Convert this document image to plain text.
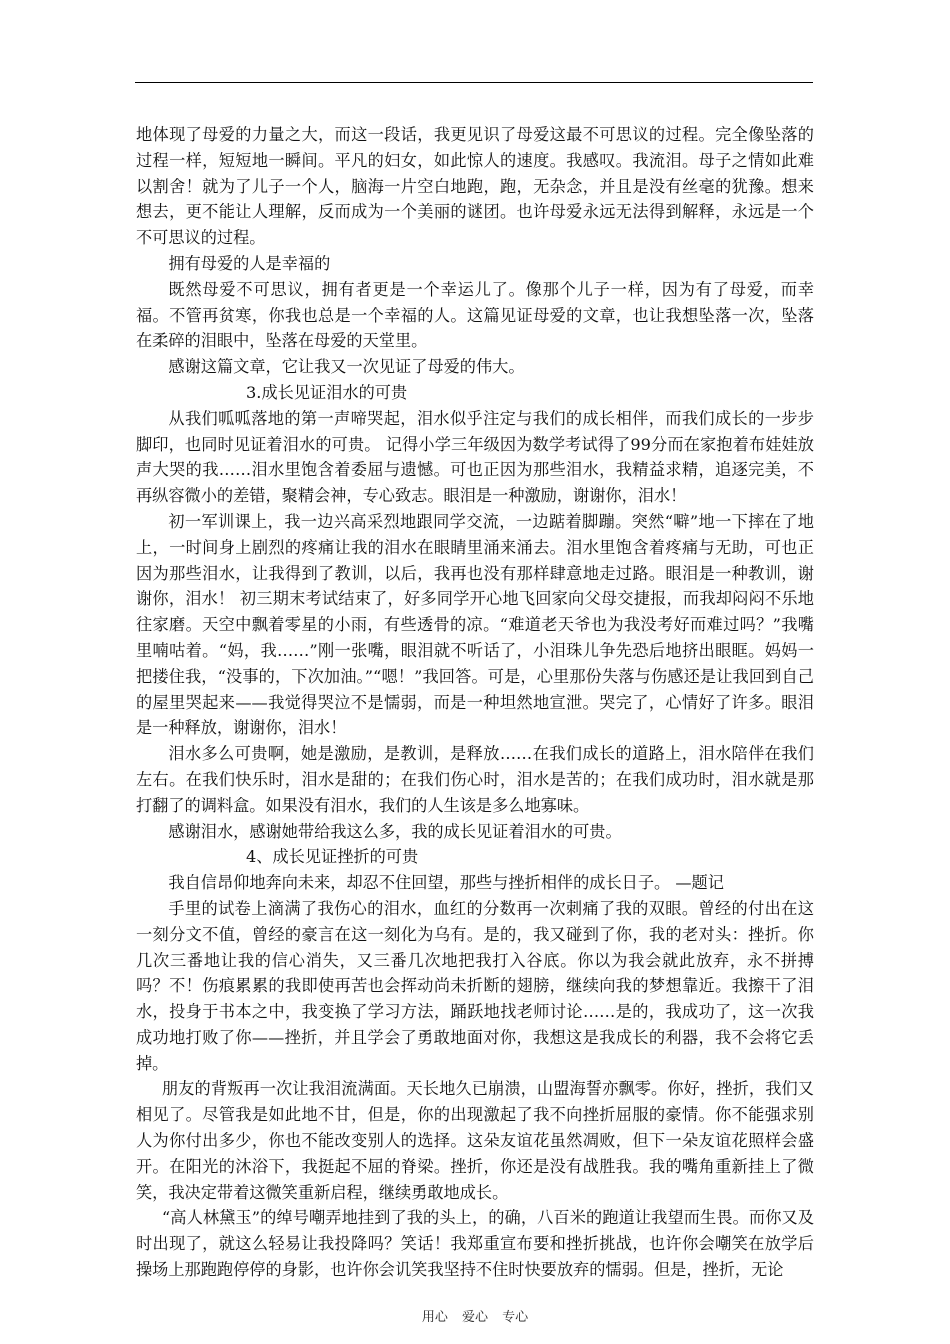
地体现了母爱的力量之大，而这一段话，我更见识了母爱这最不可思议的过程。完全像坠落的过程一样，短短地一瞬间。平凡的妇女，如此惊人的速度。我感叹。我流泪。母子之情如此难以割舍！就为了儿子一个人，脑海一片空白地跑，跑，无杂念，并且是没有丝毫的犹豫。想来想去，更不能让人理解，反而成为一个美丽的谜团。也许母爱永远无法得到解释，永远是一个不可思议的过程。

拥有母爱的人是幸福的

既然母爱不可思议，拥有者更是一个幸运儿了。像那个儿子一样，因为有了母爱，而幸福。不管再贫寒，你我也总是一个幸福的人。这篇见证母爱的文章，也让我想坠落一次，坠落在柔碎的泪眼中，坠落在母爱的天堂里。

感谢这篇文章，它让我又一次见证了母爱的伟大。

3.成长见证泪水的可贵

从我们呱呱落地的第一声啼哭起，泪水似乎注定与我们的成长相伴，而我们成长的一步步脚印，也同时见证着泪水的可贵。 记得小学三年级因为数学考试得了99分而在家抱着布娃娃放声大哭的我……泪水里饱含着委屈与遗憾。可也正因为那些泪水，我精益求精，追逐完美，不再纵容微小的差错，聚精会神，专心致志。眼泪是一种激励，谢谢你，泪水！

初一军训课上，我一边兴高采烈地跟同学交流，一边踮着脚蹦。突然“噼”地一下摔在了地上，一时间身上剧烈的疼痛让我的泪水在眼睛里涌来涌去。泪水里饱含着疼痛与无助，可也正因为那些泪水，让我得到了教训，以后，我再也没有那样肆意地走过路。眼泪是一种教训，谢谢你，泪水！ 初三期末考试结束了，好多同学开心地飞回家向父母交捷报，而我却闷闷不乐地往家磨。天空中飘着零星的小雨，有些透骨的凉。“难道老天爷也为我没考好而难过吗？”我嘴里喃咕着。“妈，我……”刚一张嘴，眼泪就不听话了，小泪珠儿争先恐后地挤出眼眶。妈妈一把搂住我，“没事的，下次加油。”“嗯！”我回答。可是，心里那份失落与伤感还是让我回到自己的屋里哭起来——我觉得哭泣不是懦弱，而是一种坦然地宣泄。哭完了，心情好了许多。眼泪是一种释放，谢谢你，泪水！

泪水多么可贵啊，她是激励，是教训，是释放……在我们成长的道路上，泪水陪伴在我们左右。在我们快乐时，泪水是甜的；在我们伤心时，泪水是苦的；在我们成功时，泪水就是那打翻了的调料盒。如果没有泪水，我们的人生该是多么地寡味。

感谢泪水，感谢她带给我这么多，我的成长见证着泪水的可贵。

4、成长见证挫折的可贵

我自信昂仰地奔向未来，却忍不住回望，那些与挫折相伴的成长日子。 —题记

手里的试卷上滴满了我伤心的泪水，血红的分数再一次刺痛了我的双眼。曾经的付出在这一刻分文不值，曾经的豪言在这一刻化为乌有。是的，我又碰到了你，我的老对头：挫折。你几次三番地让我的信心消失，又三番几次地把我打入谷底。你以为我会就此放弃，永不拼搏吗？不！伤痕累累的我即使再苦也会挥动尚未折断的翅膀，继续向我的梦想靠近。我擦干了泪水，投身于书本之中，我变换了学习方法，踊跃地找老师讨论……是的，我成功了，这一次我成功地打败了你——挫折，并且学会了勇敢地面对你，我想这是我成长的利器，我不会将它丢掉。

朋友的背叛再一次让我泪流满面。天长地久已崩溃，山盟海誓亦飘零。你好，挫折，我们又相见了。尽管我是如此地不甘，但是，你的出现激起了我不向挫折屈服的豪情。你不能强求别人为你付出多少，你也不能改变别人的选择。这朵友谊花虽然凋败，但下一朵友谊花照样会盛开。在阳光的沐浴下，我挺起不屈的脊梁。挫折，你还是没有战胜我。我的嘴角重新挂上了微笑，我决定带着这微笑重新启程，继续勇敢地成长。

“高人林黛玉”的绰号嘲弄地挂到了我的头上，的确，八百米的跑道让我望而生畏。而你又及时出现了，就这么轻易让我投降吗？笑话！我郑重宣布要和挫折挑战，也许你会嘲笑在放学后操场上那跑跑停停的身影，也许你会讥笑我坚持不住时快要放弃的懦弱。但是，挫折，无论

用心 爱心 专心
